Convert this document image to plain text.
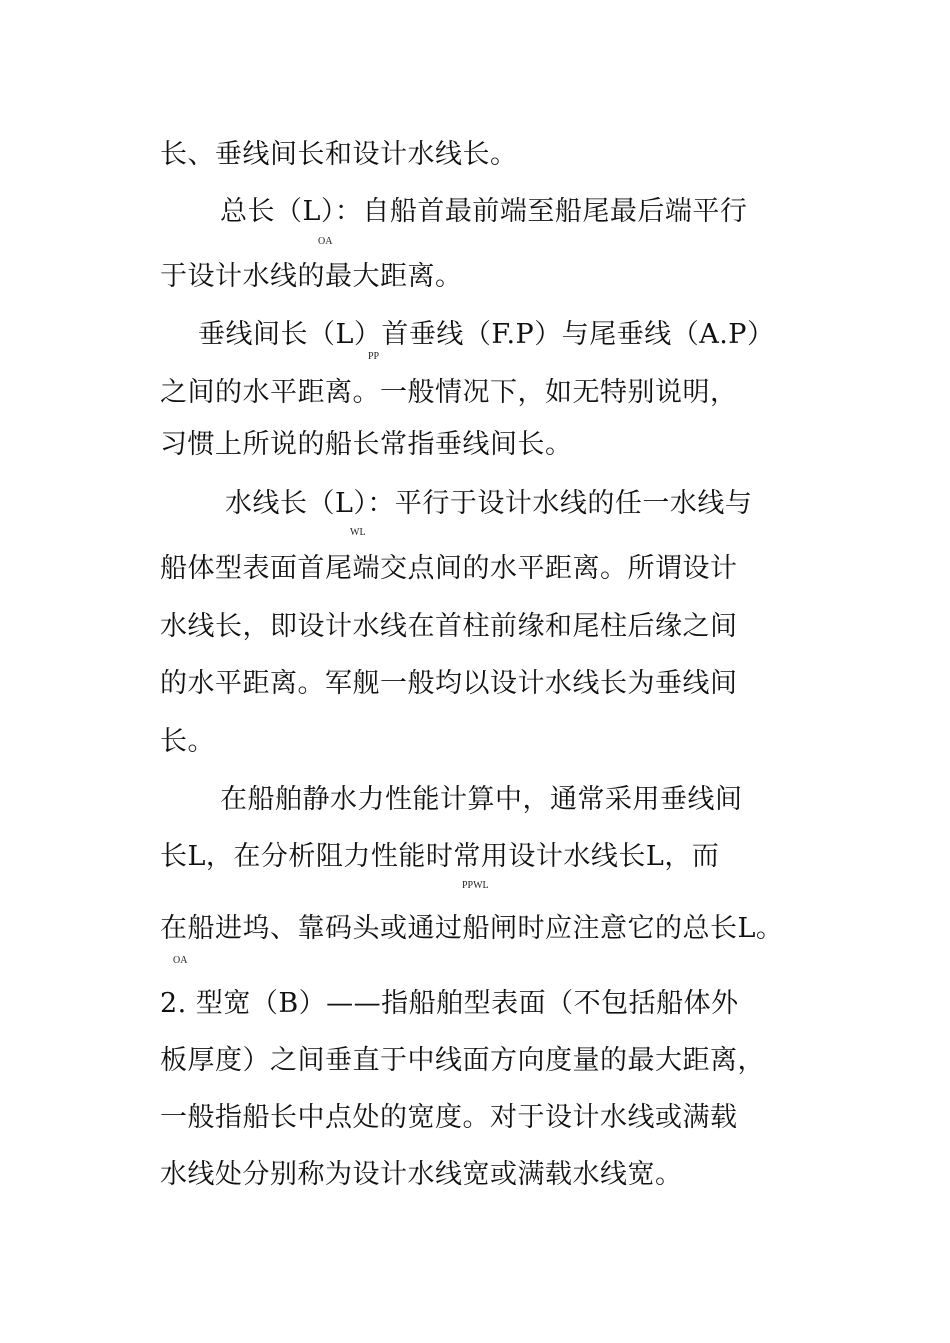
长、垂线间长和设计水线长。
总长（L）：自船首最前端至船尾最后端平行
OA
于设计水线的最大距离。
垂线间长（L）首垂线（F.P）与尾垂线（A.P）
PP
之间的水平距离。一般情况下，如无特别说明，
习惯上所说的船长常指垂线间长。
水线长（L）：平行于设计水线的任一水线与
WL
船体型表面首尾端交点间的水平距离。所谓设计
水线长，即设计水线在首柱前缘和尾柱后缘之间
的水平距离。军舰一般均以设计水线长为垂线间
长。
在船舶静水力性能计算中，通常采用垂线间
长L，在分析阻力性能时常用设计水线长L，而
PPWL
在船进坞、靠码头或通过船闸时应注意它的总长L。
OA
2. 型宽（B）——指船舶型表面（不包括船体外
板厚度）之间垂直于中线面方向度量的最大距离，
一般指船长中点处的宽度。对于设计水线或满载
水线处分别称为设计水线宽或满载水线宽。
